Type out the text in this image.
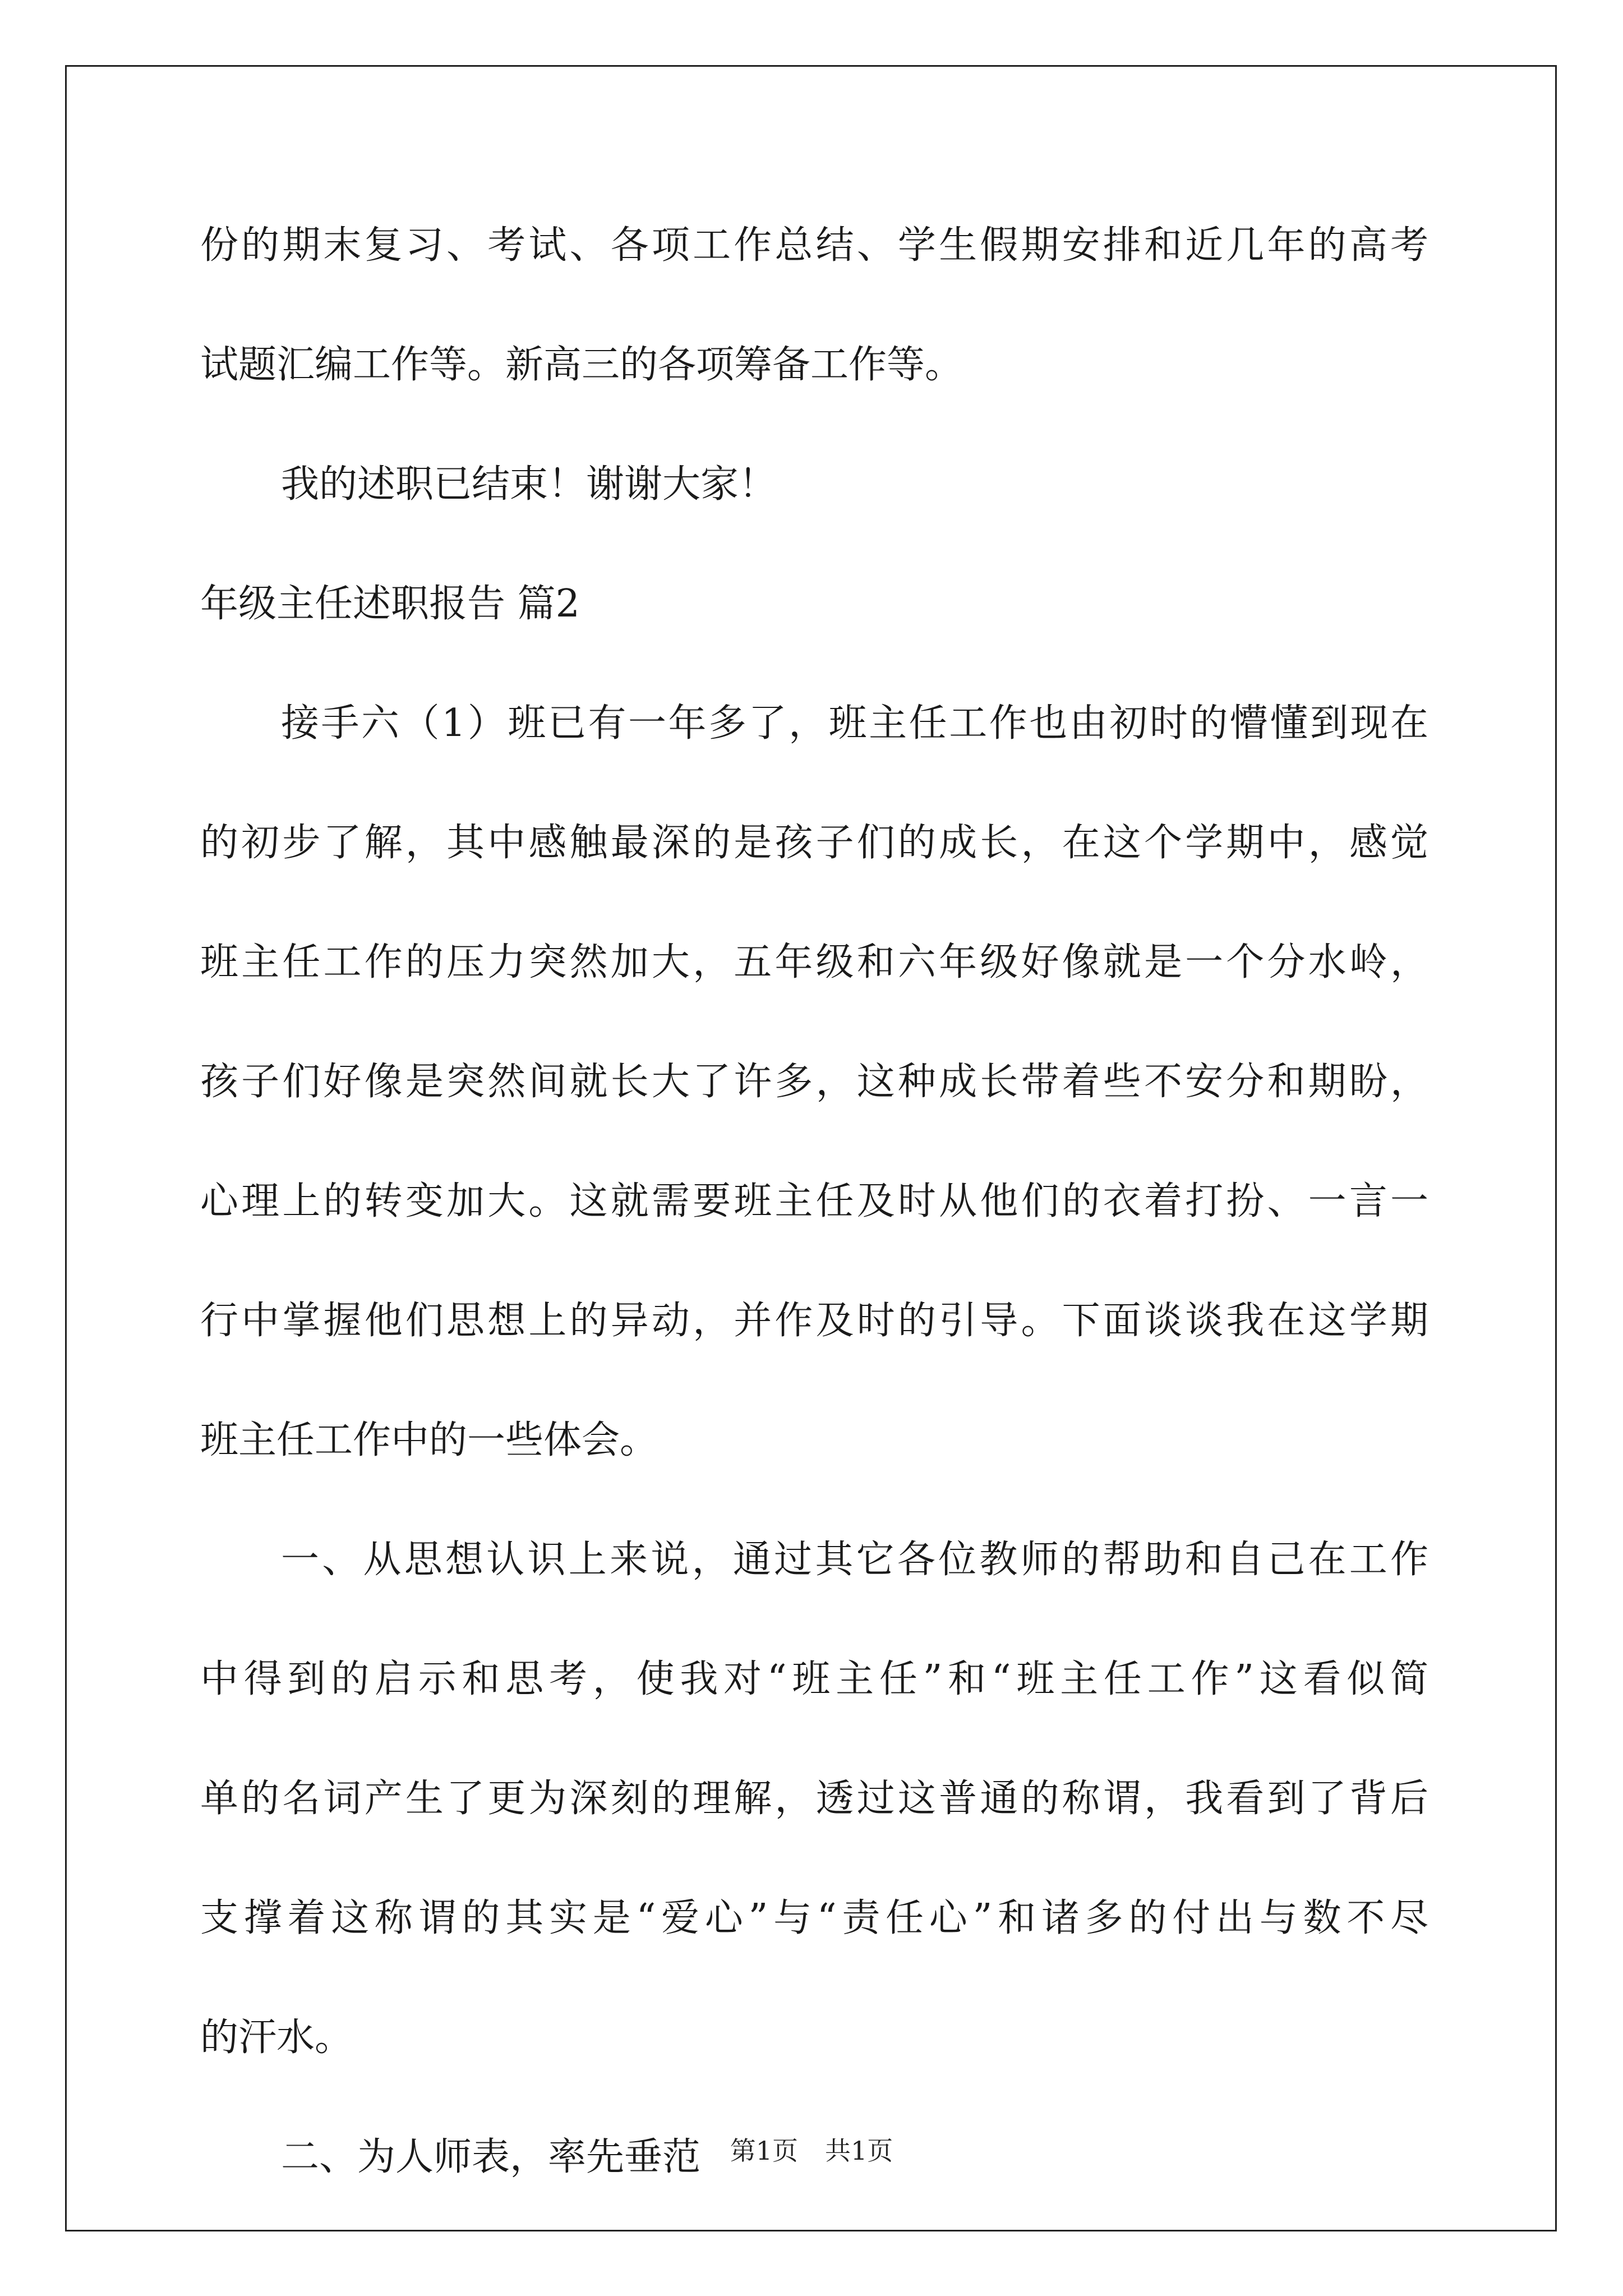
份的期末复习、考试、各项工作总结、学生假期安排和近几年的高考
试题汇编工作等。新高三的各项筹备工作等。
我的述职已结束！谢谢大家！
年级主任述职报告 篇2
接手六（1）班已有一年多了，班主任工作也由初时的懵懂到现在
的初步了解，其中感触最深的是孩子们的成长，在这个学期中，感觉
班主任工作的压力突然加大，五年级和六年级好像就是一个分水岭，
孩子们好像是突然间就长大了许多，这种成长带着些不安分和期盼，
心理上的转变加大。这就需要班主任及时从他们的衣着打扮、一言一
行中掌握他们思想上的异动，并作及时的引导。下面谈谈我在这学期
班主任工作中的一些体会。
一、从思想认识上来说，通过其它各位教师的帮助和自己在工作
中得到的启示和思考，使我对“班主任”和“班主任工作”这看似简
单的名词产生了更为深刻的理解，透过这普通的称谓，我看到了背后
支撑着这称谓的其实是“爱心”与“责任心”和诸多的付出与数不尽
的汗水。
二、为人师表，率先垂范	第1页 共1页
